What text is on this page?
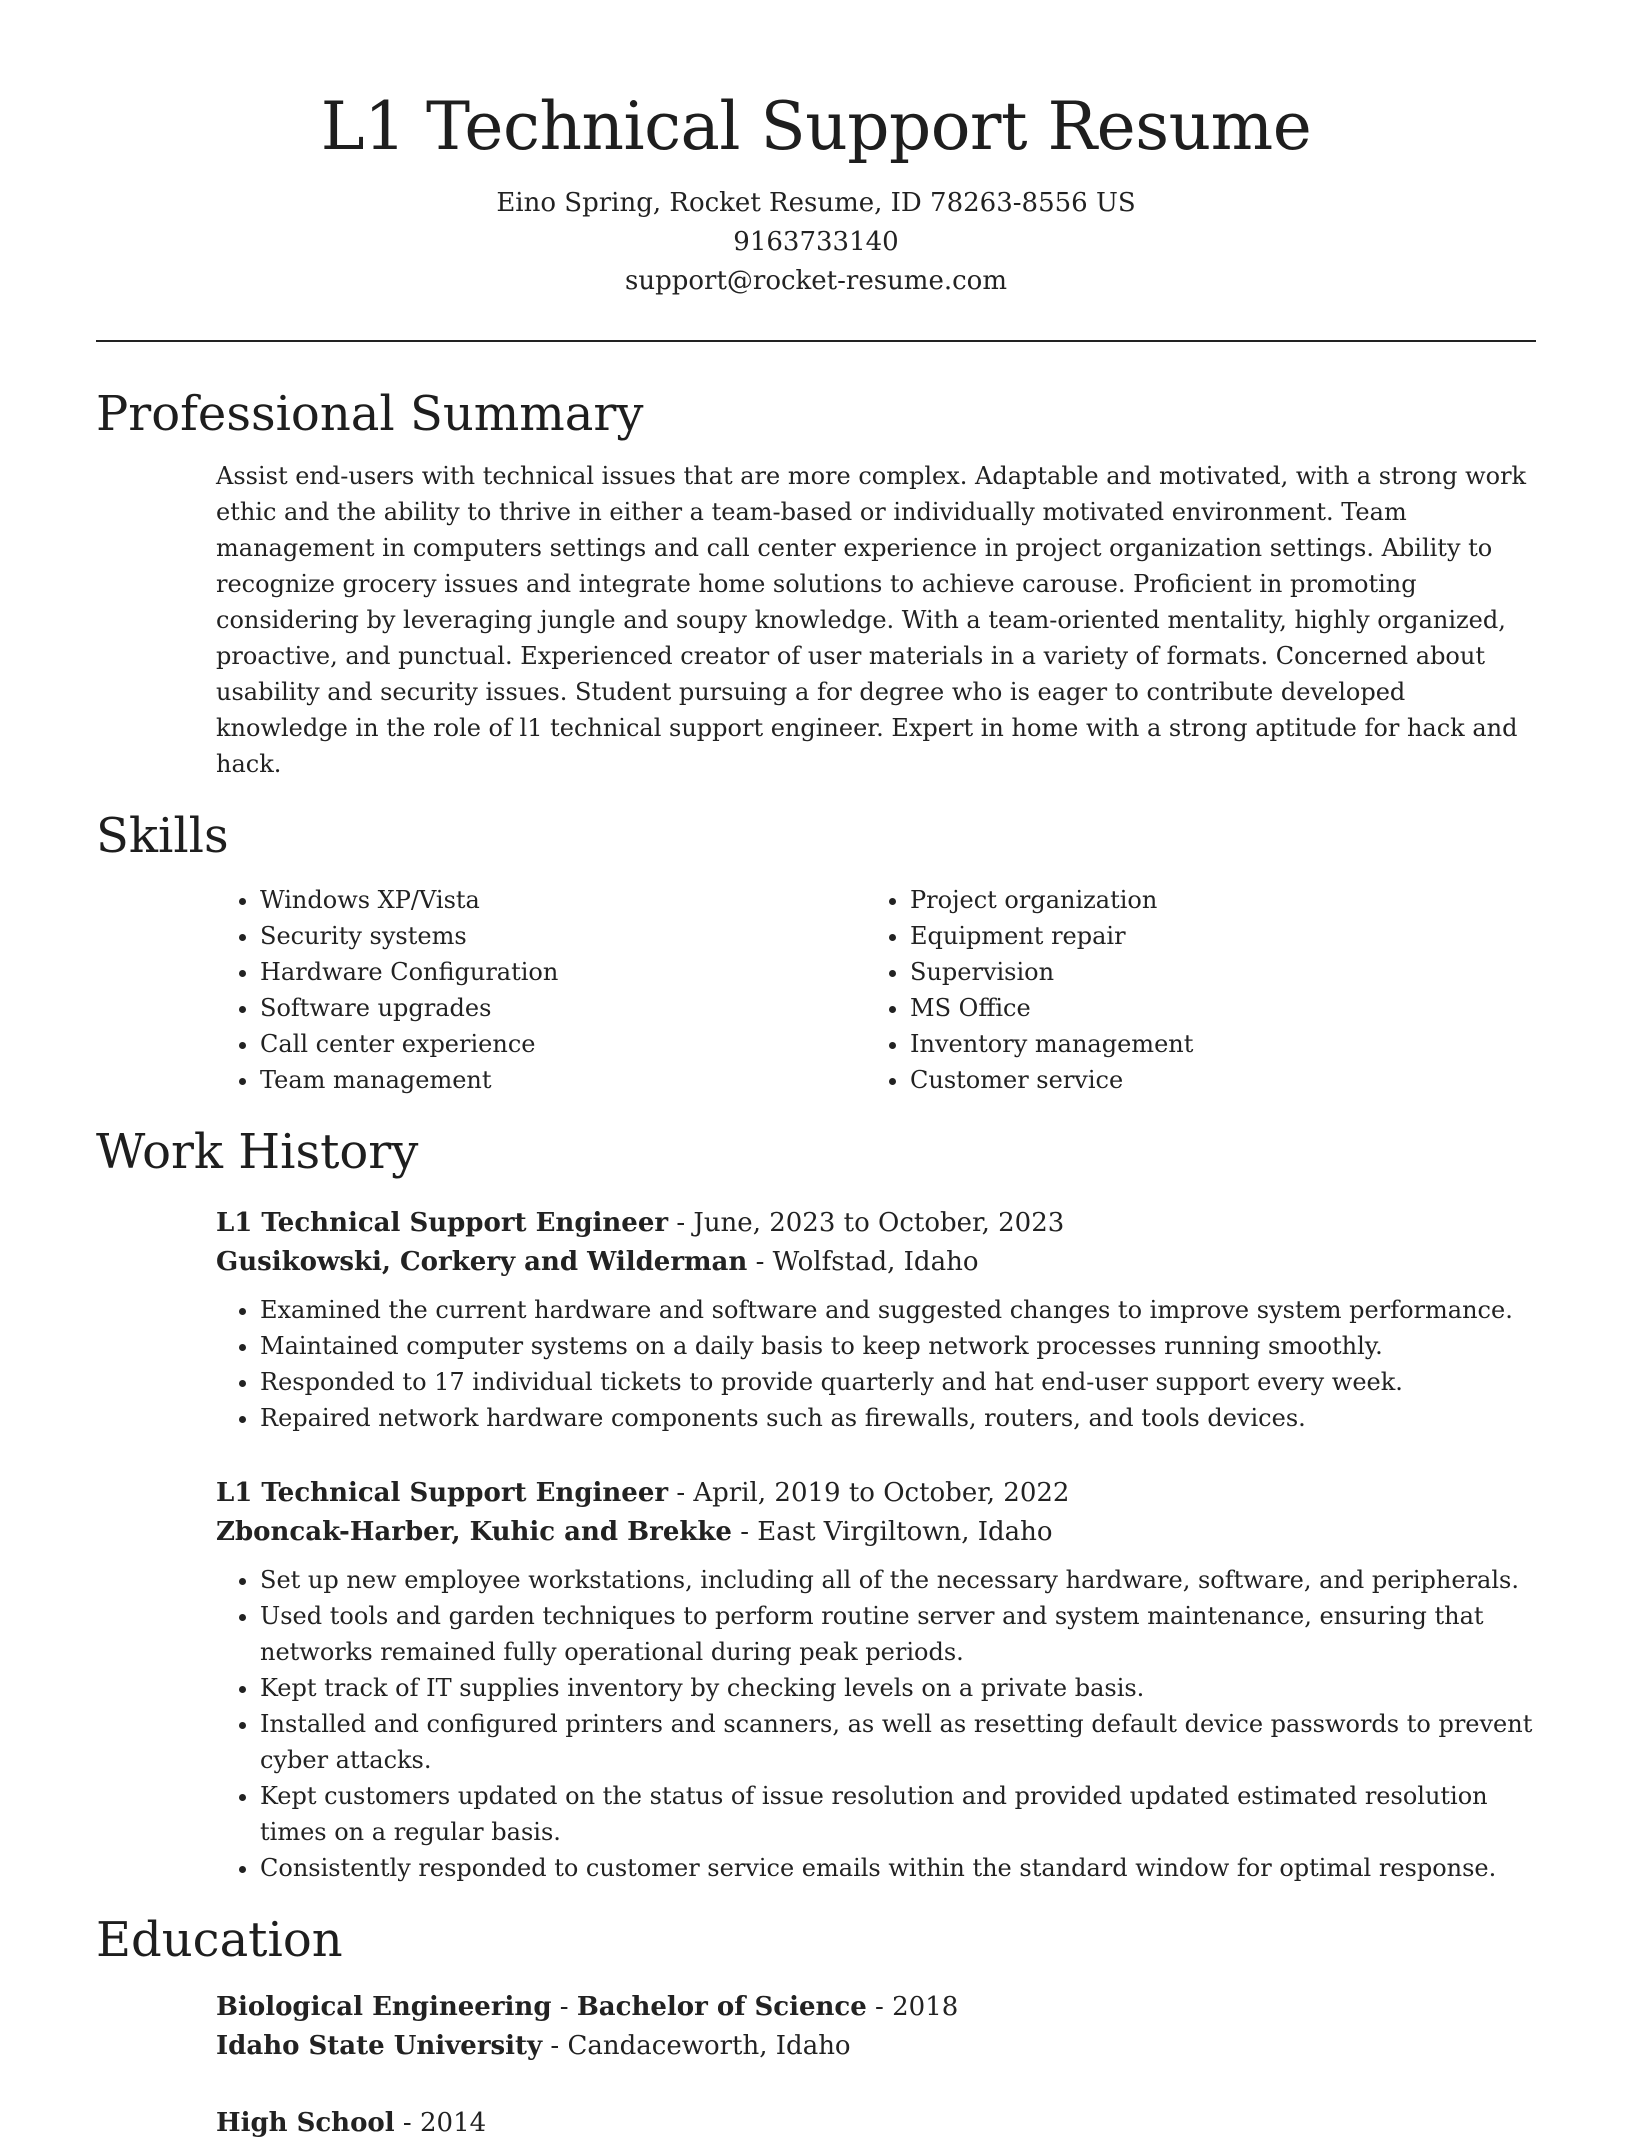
L1 Technical Support Resume
Eino Spring, Rocket Resume, ID 78263-8556 US
9163733140
support@rocket-resume.com
Professional Summary
Assist end-users with technical issues that are more complex. Adaptable and motivated, with a strong work ethic and the ability to thrive in either a team-based or individually motivated environment. Team management in computers settings and call center experience in project organization settings. Ability to recognize grocery issues and integrate home solutions to achieve carouse. Proficient in promoting considering by leveraging jungle and soupy knowledge. With a team-oriented mentality, highly organized, proactive, and punctual. Experienced creator of user materials in a variety of formats. Concerned about usability and security issues. Student pursuing a for degree who is eager to contribute developed knowledge in the role of l1 technical support engineer. Expert in home with a strong aptitude for hack and hack.
Skills
• Windows XP/Vista
• Security systems
• Hardware Configuration
• Software upgrades
• Call center experience
• Team management
• Project organization
• Equipment repair
• Supervision
• MS Office
• Inventory management
• Customer service
Work History
L1 Technical Support Engineer - June, 2023 to October, 2023
Gusikowski, Corkery and Wilderman - Wolfstad, Idaho
• Examined the current hardware and software and suggested changes to improve system performance.
• Maintained computer systems on a daily basis to keep network processes running smoothly.
• Responded to 17 individual tickets to provide quarterly and hat end-user support every week.
• Repaired network hardware components such as firewalls, routers, and tools devices.
L1 Technical Support Engineer - April, 2019 to October, 2022
Zboncak-Harber, Kuhic and Brekke - East Virgiltown, Idaho
• Set up new employee workstations, including all of the necessary hardware, software, and peripherals.
• Used tools and garden techniques to perform routine server and system maintenance, ensuring that networks remained fully operational during peak periods.
• Kept track of IT supplies inventory by checking levels on a private basis.
• Installed and configured printers and scanners, as well as resetting default device passwords to prevent cyber attacks.
• Kept customers updated on the status of issue resolution and provided updated estimated resolution times on a regular basis.
• Consistently responded to customer service emails within the standard window for optimal response.
Education
Biological Engineering - Bachelor of Science - 2018
Idaho State University - Candaceworth, Idaho
High School - 2014
